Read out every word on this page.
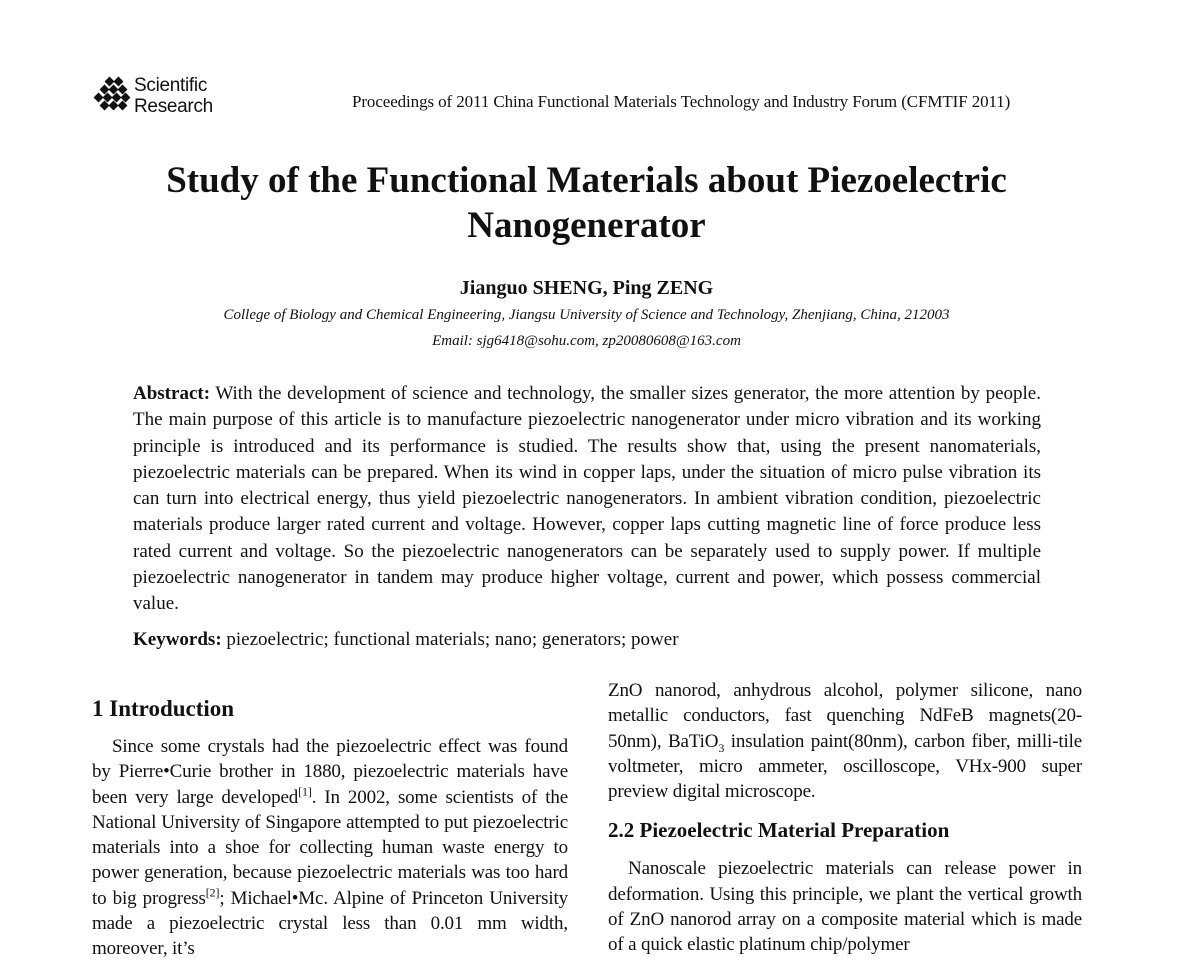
Scientific
Research	Proceedings of 2011 China Functional Materials Technology and Industry Forum (CFMTIF 2011)
Study of the Functional Materials about Piezoelectric
Nanogenerator
Jianguo SHENG, Ping ZENG
College of Biology and Chemical Engineering, Jiangsu University of Science and Technology, Zhenjiang, China, 212003
Email: sjg6418@sohu.com, zp20080608@163.com
Abstract: With the development of science and technology, the smaller sizes generator, the more attention by people. The main purpose of this article is to manufacture piezoelectric nanogenerator under micro vibration and its working principle is introduced and its performance is studied. The results show that, using the present nanomaterials, piezoelectric materials can be prepared. When its wind in copper laps, under the situation of micro pulse vibration its can turn into electrical energy, thus yield piezoelectric nanogenerators. In ambient vibration condition, piezoelectric materials produce larger rated current and voltage. However, copper laps cutting magnetic line of force produce less rated current and voltage. So the piezoelectric nanogenerators can be separately used to supply power. If multiple piezoelectric nanogenerator in tandem may produce higher voltage, current and power, which possess commercial value.
Keywords: piezoelectric; functional materials; nano; generators; power
1 Introduction

Since some crystals had the piezoelectric effect was found by Pierre•Curie brother in 1880, piezoelectric materials have been very large developed[1]. In 2002, some scientists of the National University of Singapore attempted to put piezoelectric materials into a shoe for collecting human waste energy to power generation, because piezoelectric materials was too hard to big progress[2]; Michael•Mc. Alpine of Princeton University made a piezoelectric crystal less than 0.01 mm width, moreover, it’s

ZnO nanorod, anhydrous alcohol, polymer silicone, nano metallic conductors, fast quenching NdFeB magnets(20-50nm), BaTiO$_3$ insulation paint(80nm), carbon fiber, milli-tile voltmeter, micro ammeter, oscilloscope, VHx-900 super preview digital microscope.

2.2 Piezoelectric Material Preparation

Nanoscale piezoelectric materials can release power in deformation. Using this principle, we plant the vertical growth of ZnO nanorod array on a composite material which is made of a quick elastic platinum chip/polymer
